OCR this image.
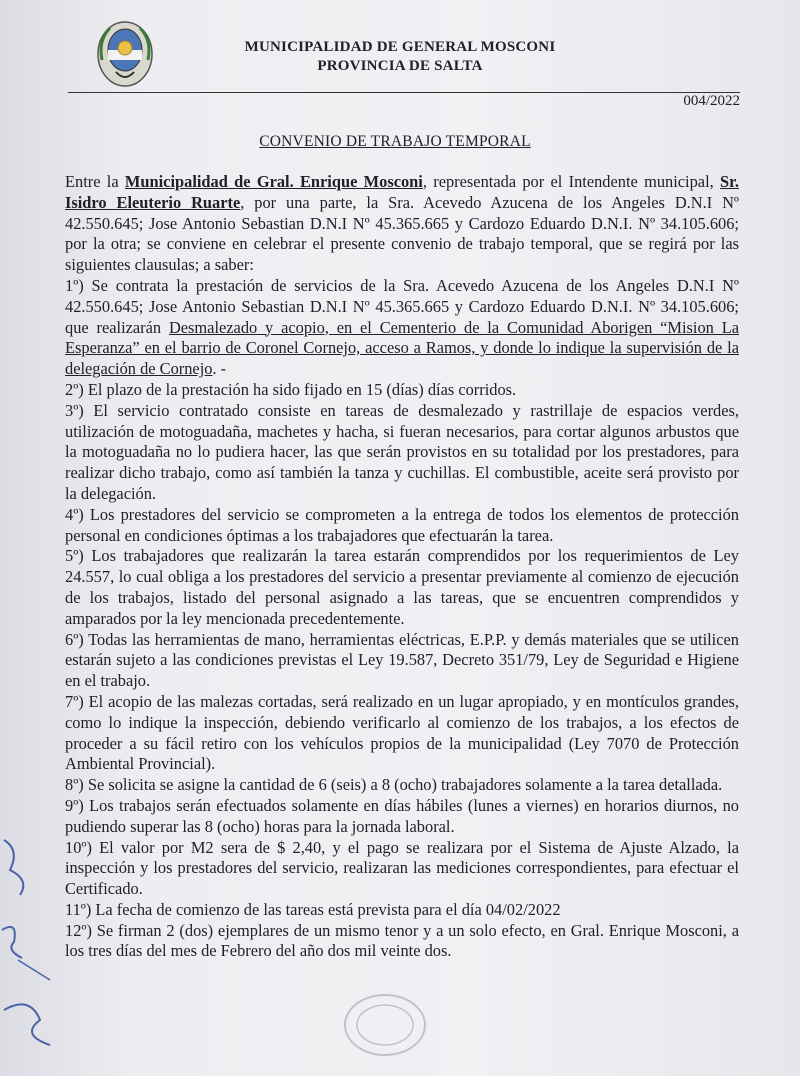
MUNICIPALIDAD DE GENERAL MOSCONI
PROVINCIA DE SALTA
004/2022
CONVENIO DE TRABAJO TEMPORAL

Entre la Municipalidad de Gral. Enrique Mosconi, representada por el Intendente municipal, Sr. Isidro Eleuterio Ruarte, por una parte, la Sra. Acevedo Azucena de los Angeles D.N.I Nº 42.550.645; Jose Antonio Sebastian D.N.I Nº 45.365.665 y Cardozo Eduardo D.N.I. Nº 34.105.606; por la otra; se conviene en celebrar el presente convenio de trabajo temporal, que se regirá por las siguientes clausulas; a saber:

1º) Se contrata la prestación de servicios de la Sra. Acevedo Azucena de los Angeles D.N.I Nº 42.550.645; Jose Antonio Sebastian D.N.I Nº 45.365.665 y Cardozo Eduardo D.N.I. Nº 34.105.606; que realizarán Desmalezado y acopio, en el Cementerio de la Comunidad Aborigen “Mision La Esperanza” en el barrio de Coronel Cornejo, acceso a Ramos, y donde lo indique la supervisión de la delegación de Cornejo. -

2º) El plazo de la prestación ha sido fijado en 15 (días) días corridos.

3º) El servicio contratado consiste en tareas de desmalezado y rastrillaje de espacios verdes, utilización de motoguadaña, machetes y hacha, si fueran necesarios, para cortar algunos arbustos que la motoguadaña no lo pudiera hacer, las que serán provistos en su totalidad por los prestadores, para realizar dicho trabajo, como así también la tanza y cuchillas. El combustible, aceite será provisto por la delegación.

4º) Los prestadores del servicio se comprometen a la entrega de todos los elementos de protección personal en condiciones óptimas a los trabajadores que efectuarán la tarea.

5º) Los trabajadores que realizarán la tarea estarán comprendidos por los requerimientos de Ley 24.557, lo cual obliga a los prestadores del servicio a presentar previamente al comienzo de ejecución de los trabajos, listado del personal asignado a las tareas, que se encuentren comprendidos y amparados por la ley mencionada precedentemente.

6º) Todas las herramientas de mano, herramientas eléctricas, E.P.P. y demás materiales que se utilicen estarán sujeto a las condiciones previstas el Ley 19.587, Decreto 351/79, Ley de Seguridad e Higiene en el trabajo.

7º) El acopio de las malezas cortadas, será realizado en un lugar apropiado, y en montículos grandes, como lo indique la inspección, debiendo verificarlo al comienzo de los trabajos, a los efectos de proceder a su fácil retiro con los vehículos propios de la municipalidad (Ley 7070 de Protección Ambiental Provincial).

8º) Se solicita se asigne la cantidad de 6 (seis) a 8 (ocho) trabajadores solamente a la tarea detallada.

9º) Los trabajos serán efectuados solamente en días hábiles (lunes a viernes) en horarios diurnos, no pudiendo superar las 8 (ocho) horas para la jornada laboral.

10º) El valor por M2 sera de $ 2,40, y el pago se realizara por el Sistema de Ajuste Alzado, la inspección y los prestadores del servicio, realizaran las mediciones correspondientes, para efectuar el Certificado.

11º) La fecha de comienzo de las tareas está prevista para el día 04/02/2022

12º) Se firman 2 (dos) ejemplares de un mismo tenor y a un solo efecto, en Gral. Enrique Mosconi, a los tres días del mes de Febrero del año dos mil veinte dos.
